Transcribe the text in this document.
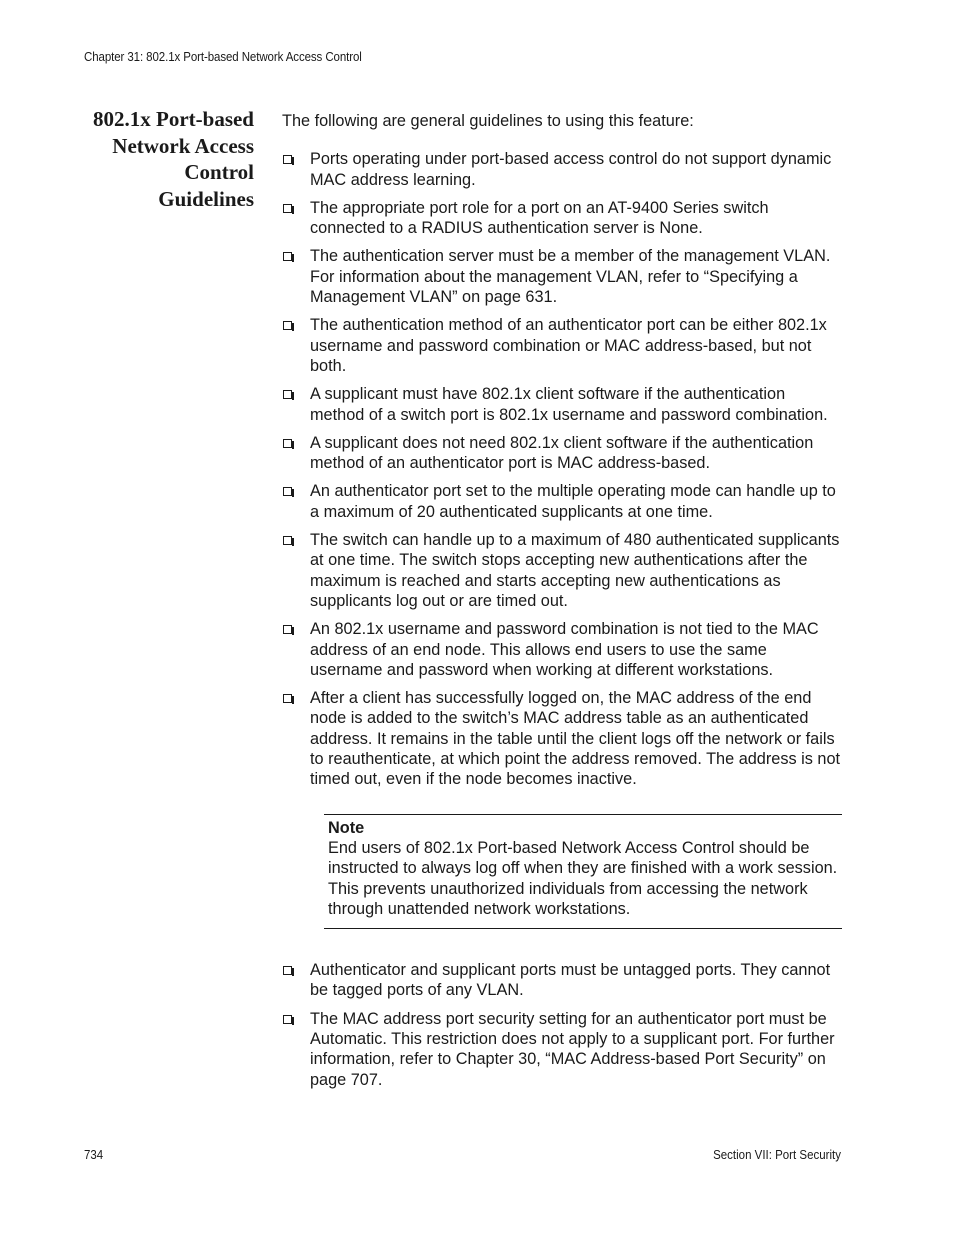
Chapter 31: 802.1x Port-based Network Access Control
802.1x Port-based
Network Access
Control
Guidelines

The following are general guidelines to using this feature:

Ports operating under port-based access control do not support dynamic MAC address learning.
The appropriate port role for a port on an AT-9400 Series switch connected to a RADIUS authentication server is None.
The authentication server must be a member of the management VLAN. For information about the management VLAN, refer to “Specifying a Management VLAN” on page 631.
The authentication method of an authenticator port can be either 802.1x username and password combination or MAC address-based, but not both.
A supplicant must have 802.1x client software if the authentication method of a switch port is 802.1x username and password combination.
A supplicant does not need 802.1x client software if the authentication method of an authenticator port is MAC address-based.
An authenticator port set to the multiple operating mode can handle up to a maximum of 20 authenticated supplicants at one time.
The switch can handle up to a maximum of 480 authenticated supplicants at one time. The switch stops accepting new authentications after the maximum is reached and starts accepting new authentications as supplicants log out or are timed out.
An 802.1x username and password combination is not tied to the MAC address of an end node. This allows end users to use the same username and password when working at different workstations.
After a client has successfully logged on, the MAC address of the end node is added to the switch’s MAC address table as an authenticated address. It remains in the table until the client logs off the network or fails to reauthenticate, at which point the address removed. The address is not timed out, even if the node becomes inactive.
Note
End users of 802.1x Port-based Network Access Control should be instructed to always log off when they are finished with a work session. This prevents unauthorized individuals from accessing the network through unattended network workstations.
Authenticator and supplicant ports must be untagged ports. They cannot be tagged ports of any VLAN.
The MAC address port security setting for an authenticator port must be Automatic. This restriction does not apply to a supplicant port. For further information, refer to Chapter 30, “MAC Address-based Port Security” on page 707.
734	Section VII: Port Security
